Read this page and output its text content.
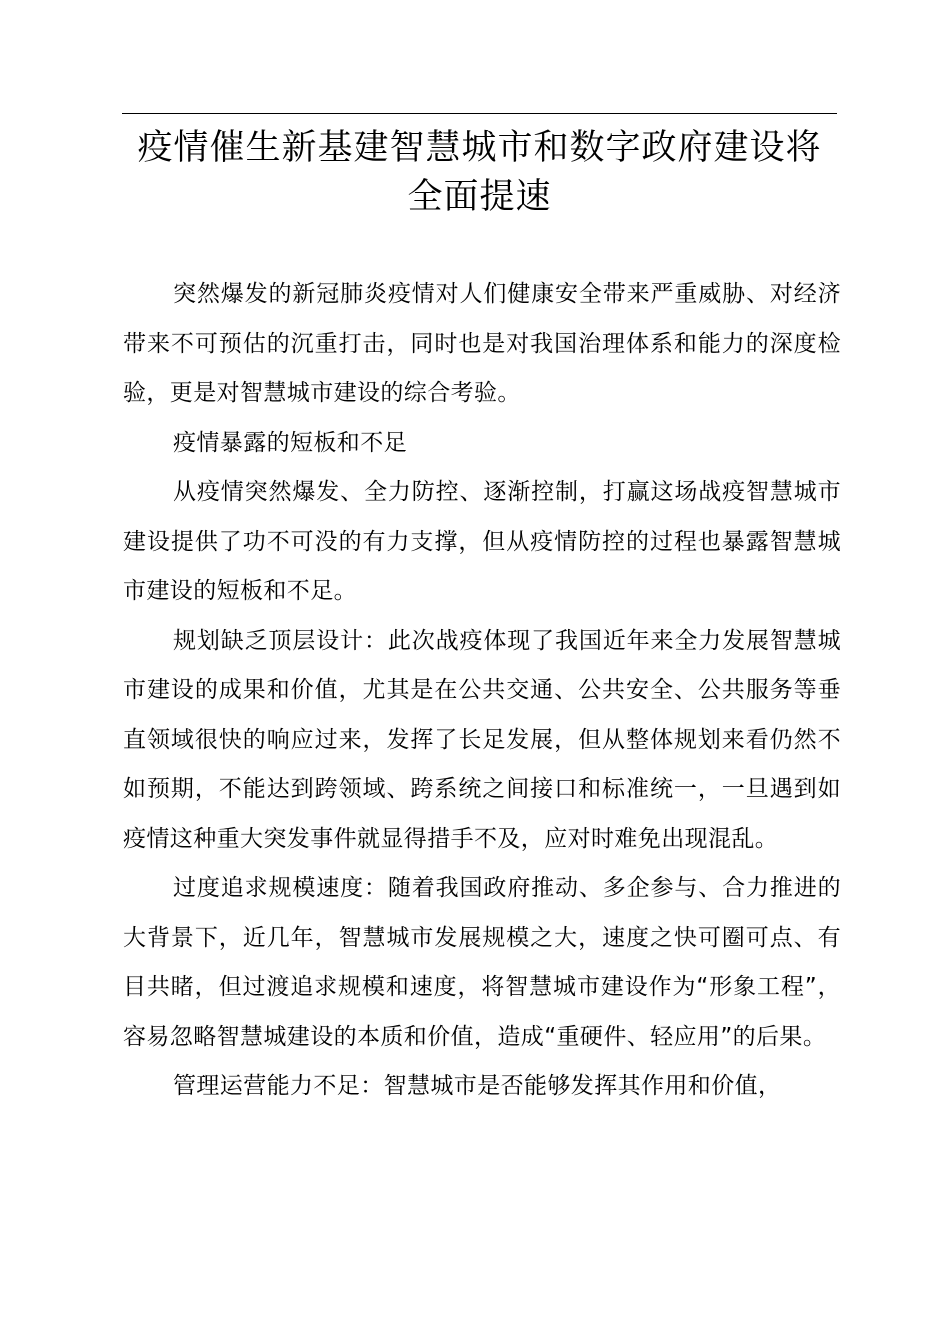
疫情催生新基建智慧城市和数字政府建设将全面提速

突然爆发的新冠肺炎疫情对人们健康安全带来严重威胁、对经济带来不可预估的沉重打击，同时也是对我国治理体系和能力的深度检验，更是对智慧城市建设的综合考验。

疫情暴露的短板和不足

从疫情突然爆发、全力防控、逐渐控制，打赢这场战疫智慧城市建设提供了功不可没的有力支撑，但从疫情防控的过程也暴露智慧城市建设的短板和不足。

规划缺乏顶层设计：此次战疫体现了我国近年来全力发展智慧城市建设的成果和价值，尤其是在公共交通、公共安全、公共服务等垂直领域很快的响应过来，发挥了长足发展，但从整体规划来看仍然不如预期，不能达到跨领域、跨系统之间接口和标准统一，一旦遇到如疫情这种重大突发事件就显得措手不及，应对时难免出现混乱。

过度追求规模速度：随着我国政府推动、多企参与、合力推进的大背景下，近几年，智慧城市发展规模之大，速度之快可圈可点、有目共睹，但过渡追求规模和速度，将智慧城市建设作为“形象工程”，容易忽略智慧城建设的本质和价值，造成“重硬件、轻应用”的后果。

管理运营能力不足：智慧城市是否能够发挥其作用和价值，
